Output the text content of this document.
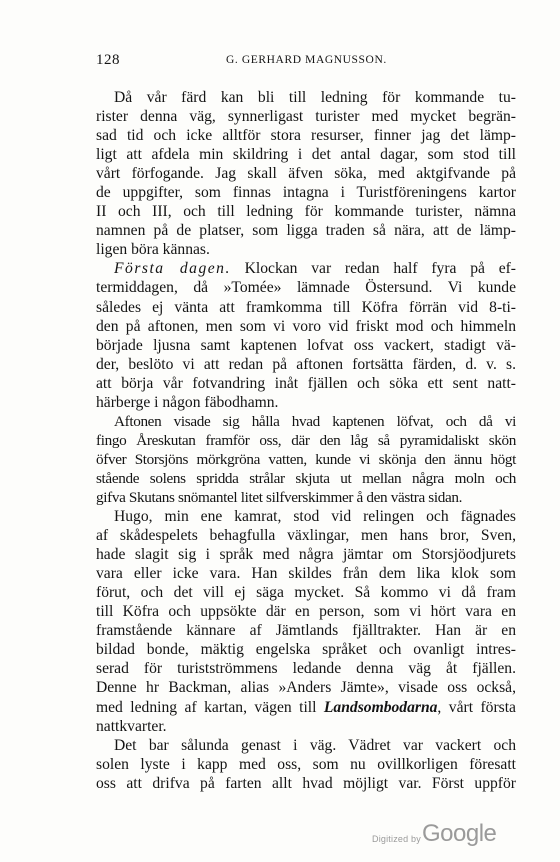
128	G. GERHARD MAGNUSSON.
Då vår färd kan bli till ledning för kommande tu-
rister denna väg, synnerligast turister med mycket begrän-
sad tid och icke alltför stora resurser, finner jag det lämp-
ligt att afdela min skildring i det antal dagar, som stod till
vårt förfogande. Jag skall äfven söka, med aktgifvande på
de uppgifter, som finnas intagna i Turistföreningens kartor
II och III, och till ledning för kommande turister, nämna
namnen på de platser, som ligga traden så nära, att de lämp-
ligen böra kännas.
Första dagen. Klockan var redan half fyra på ef-
termiddagen, då »Tomée» lämnade Östersund. Vi kunde
således ej vänta att framkomma till Köfra förrän vid 8-ti-
den på aftonen, men som vi voro vid friskt mod och himmeln
började ljusna samt kaptenen lofvat oss vackert, stadigt vä-
der, beslöto vi att redan på aftonen fortsätta färden, d. v. s.
att börja vår fotvandring inåt fjällen och söka ett sent natt-
härberge i någon fäbodhamn.
Aftonen visade sig hålla hvad kaptenen löfvat, och då vi
fingo Åreskutan framför oss, där den låg så pyramidaliskt skön
öfver Storsjöns mörkgröna vatten, kunde vi skönja den ännu högt
stående solens spridda strålar skjuta ut mellan några moln och
gifva Skutans snömantel litet silfverskimmer å den västra sidan.
Hugo, min ene kamrat, stod vid relingen och fägnades
af skådespelets behagfulla växlingar, men hans bror, Sven,
hade slagit sig i språk med några jämtar om Storsjöodjurets
vara eller icke vara. Han skildes från dem lika klok som
förut, och det vill ej säga mycket. Så kommo vi då fram
till Köfra och uppsökte där en person, som vi hört vara en
framstående kännare af Jämtlands fjälltrakter. Han är en
bildad bonde, mäktig engelska språket och ovanligt intres-
serad för turistströmmens ledande denna väg åt fjällen.
Denne hr Backman, alias »Anders Jämte», visade oss också,
med ledning af kartan, vägen till Landsombodarna, vårt första
nattkvarter.
Det bar sålunda genast i väg. Vädret var vackert och
solen lyste i kapp med oss, som nu ovillkorligen föresatt
oss att drifva på farten allt hvad möjligt var. Först uppför
Digitized by Google
